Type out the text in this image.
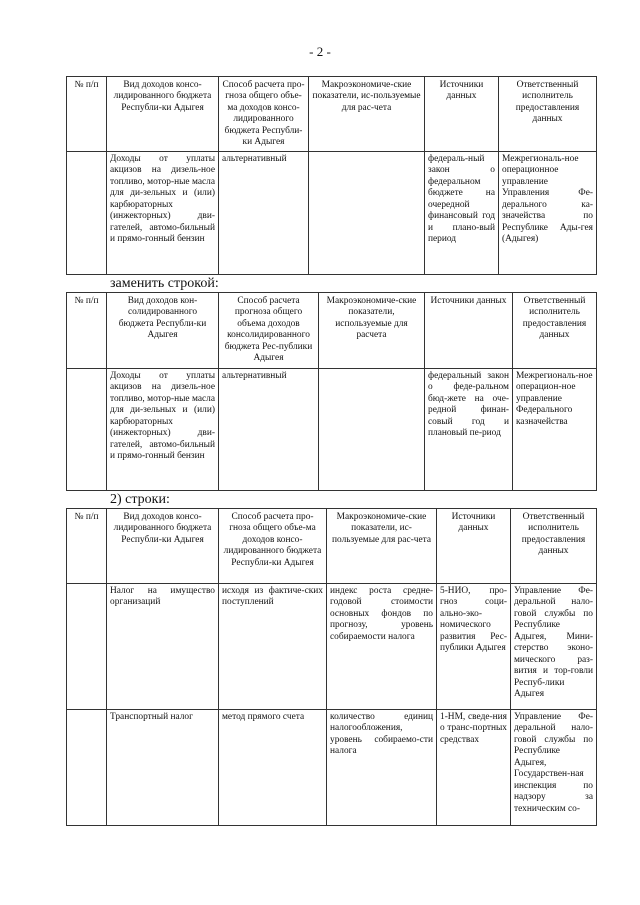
- 2 -
№ п/п	Вид доходов консо-лидированного бюджета Республи-ки Адыгея	Способ расчета про-гноза общего объе-ма доходов консо-лидированного бюджета Республи-ки Адыгея	Макроэкономиче-ские показатели, ис-пользуемые для рас-чета	Источники данных	Ответственный исполнитель предоставления данных
	Доходы от уплаты акцизов на дизель-ное топливо, мотор-ные масла для ди-зельных и (или) карбюраторных (инжекторных) дви-гателей, автомо-бильный и прямо-гонный бензин	альтернативный		федераль-ный закон о федеральном бюджете на очередной финансовый год и плано-вый период	Межрегиональ-ное операционное управление Управления Фе-дерального ка-значейства по Республике Ады-гея (Адыгея)
заменить строкой:
№ п/п	Вид доходов кон-солидированного бюджета Республи-ки Адыгея	Способ расчета прогноза общего объема доходов консолидированного бюджета Рес-публики Адыгея	Макроэкономиче-ские показатели, используемые для расчета	Источники данных	Ответственный исполнитель предоставления данных
	Доходы от уплаты акцизов на дизель-ное топливо, мотор-ные масла для ди-зельных и (или) карбюраторных (инжекторных) дви-гателей, автомо-бильный и прямо-гонный бензин	альтернативный		федеральный закон о феде-ральном бюд-жете на оче-редной финан-совый год и плановый пе-риод	Межрегиональ-ное операцион-ное управление Федерального казначейства
2) строки:
№ п/п	Вид доходов консо-лидированного бюджета Республи-ки Адыгея	Способ расчета про-гноза общего объе-ма доходов консо-лидированного бюджета Республи-ки Адыгея	Макроэкономиче-ские показатели, ис-пользуемые для рас-чета	Источники данных	Ответственный исполнитель предоставления данных
	Налог на имущество организаций	исходя из фактиче-ских поступлений	индекс роста средне-годовой стоимости основных фондов по прогнозу, уровень собираемости налога	5-НИО, про-гноз соци-ально-эко-номического развития Рес-публики Адыгея	Управление Фе-деральной нало-говой службы по Республике Адыгея, Мини-стерство эконо-мического раз-вития и тор-говли Респуб-лики Адыгея
	Транспортный налог	метод прямого счета	количество единиц налогообложения, уровень собираемо-сти налога	1-НМ, сведе-ния о транс-портных средствах	Управление Фе-деральной нало-говой службы по Республике Адыгея, Государствен-ная инспекция по надзору за техническим со-
